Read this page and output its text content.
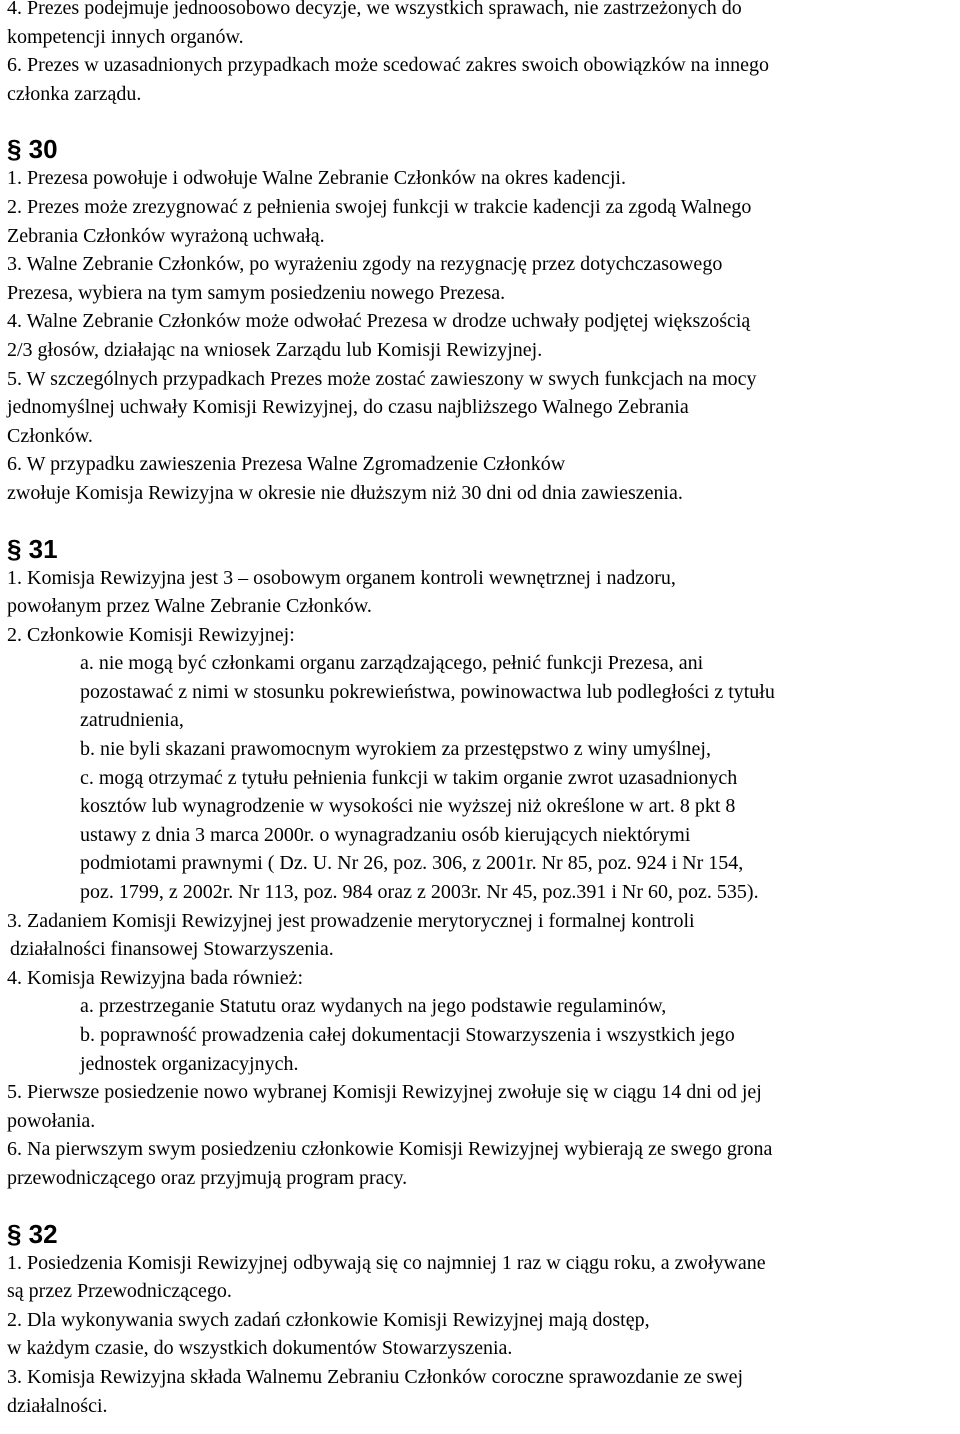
4. Prezes podejmuje jednoosobowo decyzje, we wszystkich sprawach, nie zastrzeżonych do
kompetencji innych organów.
6. Prezes w uzasadnionych przypadkach może scedować zakres swoich obowiązków na innego
członka zarządu.
§ 30
1. Prezesa powołuje i odwołuje Walne Zebranie Członków na okres kadencji.
2. Prezes może zrezygnować z pełnienia swojej funkcji w trakcie kadencji za zgodą Walnego
Zebrania Członków wyrażoną uchwałą.
3. Walne Zebranie Członków, po wyrażeniu zgody na rezygnację przez dotychczasowego
Prezesa, wybiera na tym samym posiedzeniu nowego Prezesa.
4. Walne Zebranie Członków może odwołać Prezesa w drodze uchwały podjętej większością
2/3 głosów, działając na wniosek Zarządu lub Komisji Rewizyjnej.
5. W szczególnych przypadkach Prezes może zostać zawieszony w swych funkcjach na mocy
jednomyślnej uchwały Komisji Rewizyjnej, do czasu najbliższego Walnego Zebrania
Członków.
6. W przypadku zawieszenia Prezesa Walne Zgromadzenie Członków
zwołuje Komisja Rewizyjna w okresie nie dłuższym niż 30 dni od dnia zawieszenia.
§ 31
1. Komisja Rewizyjna jest 3 – osobowym organem kontroli wewnętrznej i nadzoru,
powołanym przez Walne Zebranie Członków.
2. Członkowie Komisji Rewizyjnej:
a. nie mogą być członkami organu zarządzającego, pełnić funkcji Prezesa, ani
pozostawać z nimi w stosunku pokrewieństwa, powinowactwa lub podległości z tytułu
zatrudnienia,
b. nie byli skazani prawomocnym wyrokiem za przestępstwo z winy umyślnej,
c. mogą otrzymać z tytułu pełnienia funkcji w takim organie zwrot uzasadnionych
kosztów lub wynagrodzenie w wysokości nie wyższej niż określone w art. 8 pkt 8
ustawy z dnia 3 marca 2000r. o wynagradzaniu osób kierujących niektórymi
podmiotami prawnymi ( Dz. U. Nr 26, poz. 306, z 2001r. Nr 85, poz. 924 i Nr 154,
poz. 1799, z 2002r. Nr 113, poz. 984 oraz z 2003r. Nr 45, poz.391 i Nr 60, poz. 535).
3. Zadaniem Komisji Rewizyjnej jest prowadzenie merytorycznej i formalnej kontroli
działalności finansowej Stowarzyszenia.
4. Komisja Rewizyjna bada również:
a. przestrzeganie Statutu oraz wydanych na jego podstawie regulaminów,
b. poprawność prowadzenia całej dokumentacji Stowarzyszenia i wszystkich jego
jednostek organizacyjnych.
5. Pierwsze posiedzenie nowo wybranej Komisji Rewizyjnej zwołuje się w ciągu 14 dni od jej
powołania.
6. Na pierwszym swym posiedzeniu członkowie Komisji Rewizyjnej wybierają ze swego grona
przewodniczącego oraz przyjmują program pracy.
§ 32
1. Posiedzenia Komisji Rewizyjnej odbywają się co najmniej 1 raz w ciągu roku, a zwoływane
są przez Przewodniczącego.
2. Dla wykonywania swych zadań członkowie Komisji Rewizyjnej mają dostęp,
w każdym czasie, do wszystkich dokumentów Stowarzyszenia.
3. Komisja Rewizyjna składa Walnemu Zebraniu Członków coroczne sprawozdanie ze swej
działalności.
